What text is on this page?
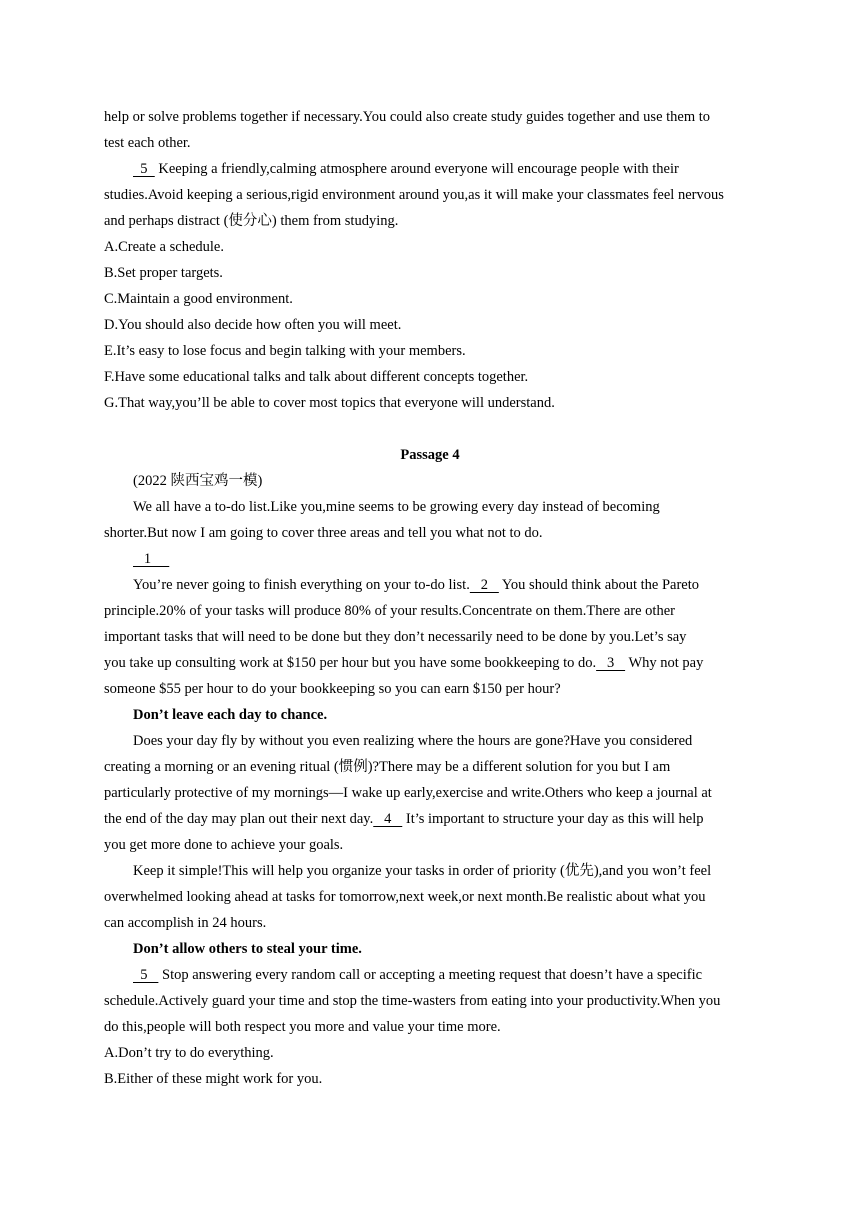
help or solve problems together if necessary.You could also create study guides together and use them to
test each other.
5   Keeping a friendly,calming atmosphere around everyone will encourage people with their
studies.Avoid keeping a serious,rigid environment around you,as it will make your classmates feel nervous
and perhaps distract (使分心) them from studying.
A.Create a schedule.
B.Set proper targets.
C.Maintain a good environment.
D.You should also decide how often you will meet.
E.It’s easy to lose focus and begin talking with your members.
F.Have some educational talks and talk about different concepts together.
G.That way,you’ll be able to cover most topics that everyone will understand.
Passage 4
(2022 陕西宝鸡一模)
We all have a to-do list.Like you,mine seems to be growing every day instead of becoming
shorter.But now I am going to cover three areas and tell you what not to do.
1
You’re never going to finish everything on your to-do list.   2    You should think about the Pareto
principle.20% of your tasks will produce 80% of your results.Concentrate on them.There are other
important tasks that will need to be done but they don’t necessarily need to be done by you.Let’s say
you take up consulting work at $150 per hour but you have some bookkeeping to do.   3    Why not pay
someone $55 per hour to do your bookkeeping so you can earn $150 per hour?
Don’t leave each day to chance.
Does your day fly by without you even realizing where the hours are gone?Have you considered
creating a morning or an evening ritual (惯例)?There may be a different solution for you but I am
particularly protective of my mornings—I wake up early,exercise and write.Others who keep a journal at
the end of the day may plan out their next day.   4    It’s important to structure your day as this will help
you get more done to achieve your goals.
Keep it simple!This will help you organize your tasks in order of priority (优先),and you won’t feel
overwhelmed looking ahead at tasks for tomorrow,next week,or next month.Be realistic about what you
can accomplish in 24 hours.
Don’t allow others to steal your time.
5    Stop answering every random call or accepting a meeting request that doesn’t have a specific
schedule.Actively guard your time and stop the time-wasters from eating into your productivity.When you
do this,people will both respect you more and value your time more.
A.Don’t try to do everything.
B.Either of these might work for you.
